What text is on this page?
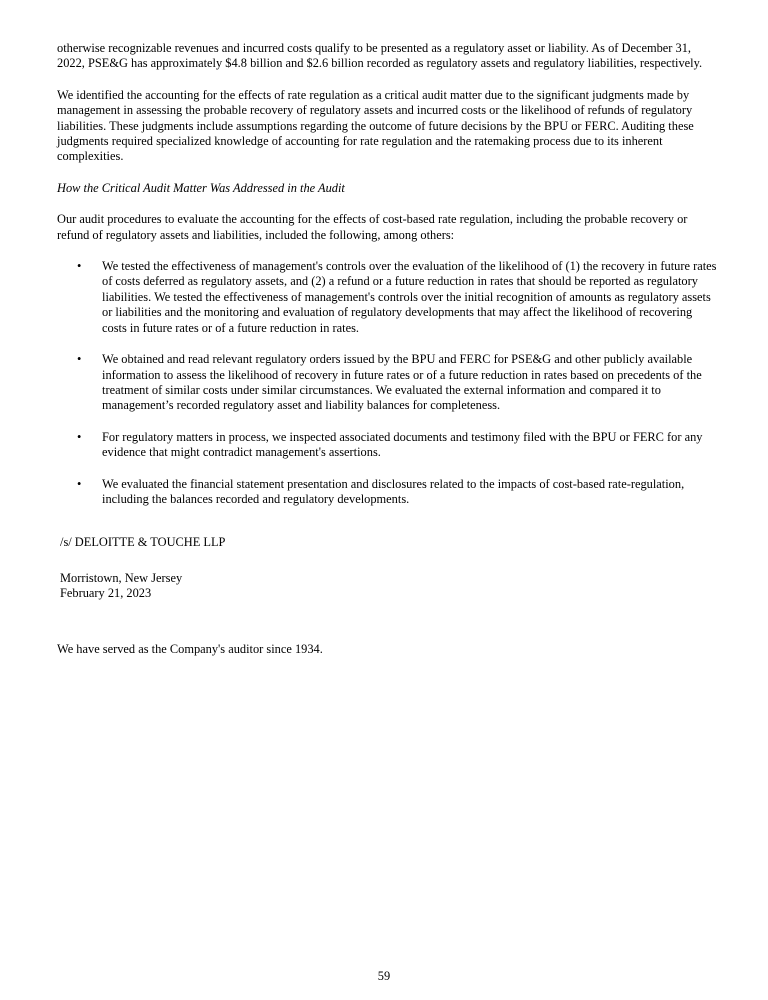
otherwise recognizable revenues and incurred costs qualify to be presented as a regulatory asset or liability. As of December 31, 2022, PSE&G has approximately $4.8 billion and $2.6 billion recorded as regulatory assets and regulatory liabilities, respectively.

We identified the accounting for the effects of rate regulation as a critical audit matter due to the significant judgments made by management in assessing the probable recovery of regulatory assets and incurred costs or the likelihood of refunds of regulatory liabilities. These judgments include assumptions regarding the outcome of future decisions by the BPU or FERC. Auditing these judgments required specialized knowledge of accounting for rate regulation and the ratemaking process due to its inherent complexities.

How the Critical Audit Matter Was Addressed in the Audit

Our audit procedures to evaluate the accounting for the effects of cost-based rate regulation, including the probable recovery or refund of regulatory assets and liabilities, included the following, among others:

• We tested the effectiveness of management's controls over the evaluation of the likelihood of (1) the recovery in future rates of costs deferred as regulatory assets, and (2) a refund or a future reduction in rates that should be reported as regulatory liabilities. We tested the effectiveness of management's controls over the initial recognition of amounts as regulatory assets or liabilities and the monitoring and evaluation of regulatory developments that may affect the likelihood of recovering costs in future rates or of a future reduction in rates.
• We obtained and read relevant regulatory orders issued by the BPU and FERC for PSE&G and other publicly available information to assess the likelihood of recovery in future rates or of a future reduction in rates based on precedents of the treatment of similar costs under similar circumstances. We evaluated the external information and compared it to management’s recorded regulatory asset and liability balances for completeness.
• For regulatory matters in process, we inspected associated documents and testimony filed with the BPU or FERC for any evidence that might contradict management's assertions.
• We evaluated the financial statement presentation and disclosures related to the impacts of cost-based rate-regulation, including the balances recorded and regulatory developments.

/s/ DELOITTE & TOUCHE LLP

Morristown, New Jersey

February 21, 2023

We have served as the Company's auditor since 1934.

59
